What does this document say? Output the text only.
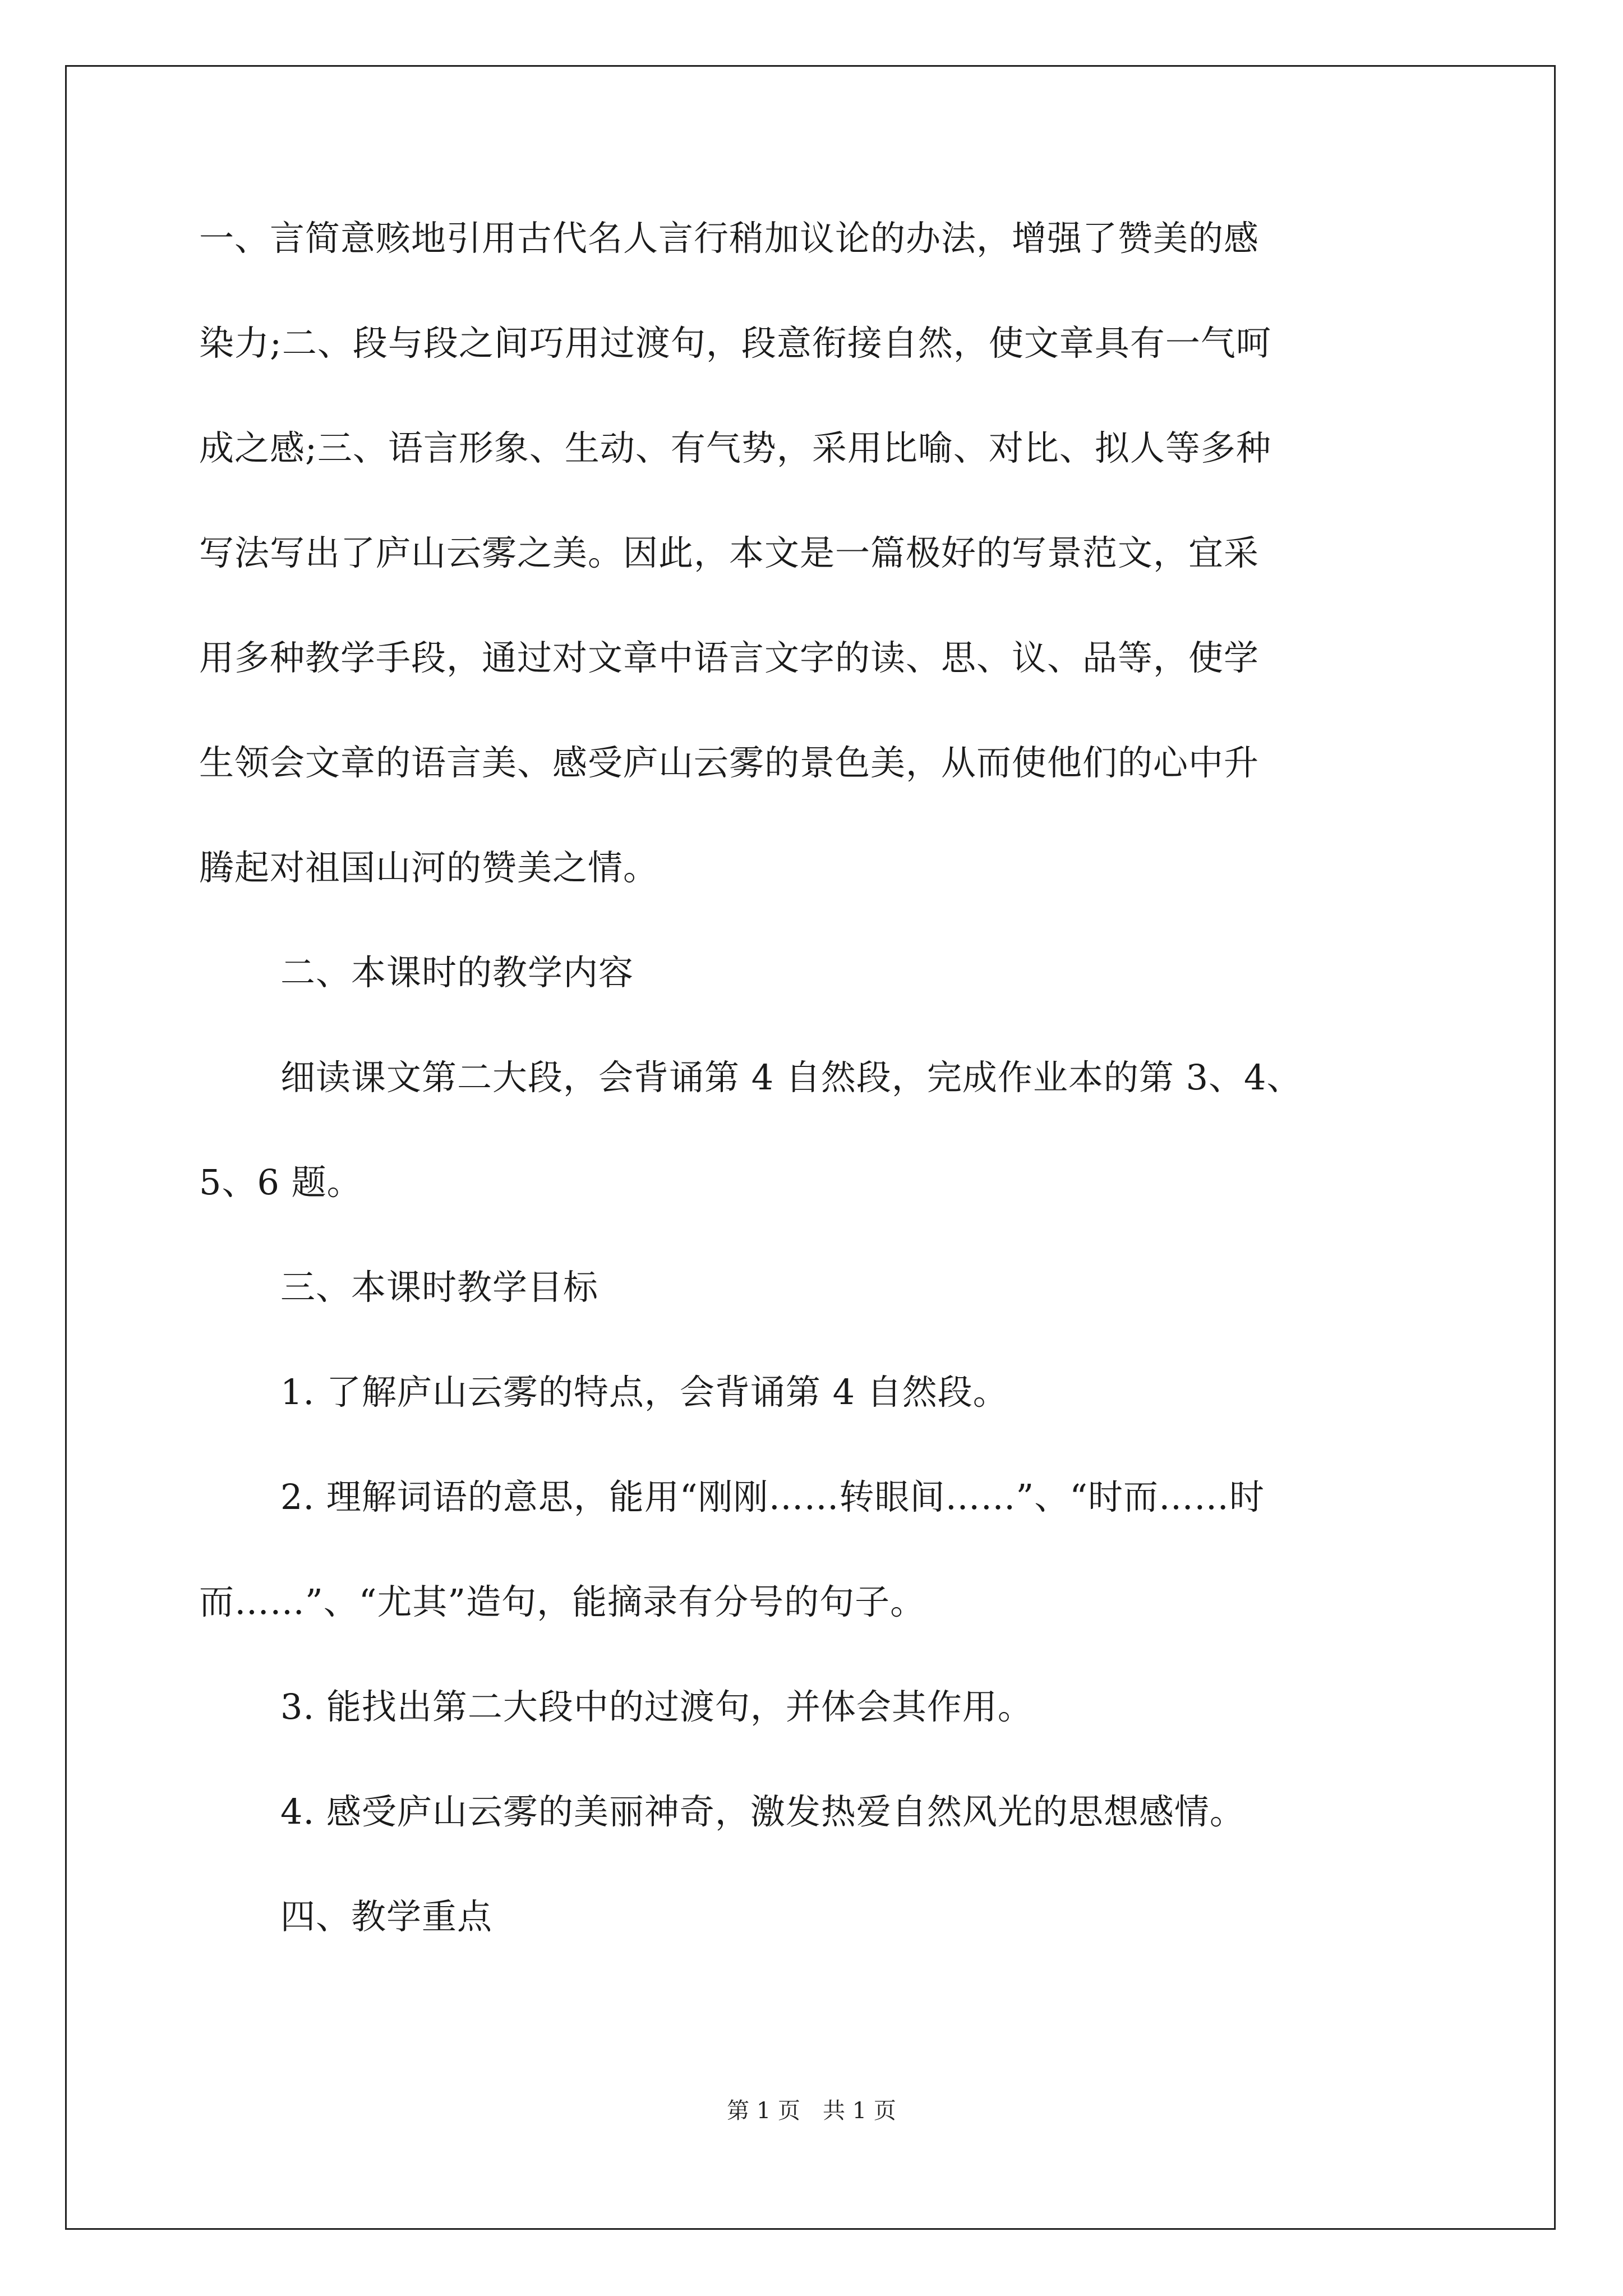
一、言简意赅地引用古代名人言行稍加议论的办法，增强了赞美的感
染力;二、段与段之间巧用过渡句，段意衔接自然，使文章具有一气呵
成之感;三、语言形象、生动、有气势，采用比喻、对比、拟人等多种
写法写出了庐山云雾之美。因此，本文是一篇极好的写景范文，宜采
用多种教学手段，通过对文章中语言文字的读、思、议、品等，使学
生领会文章的语言美、感受庐山云雾的景色美，从而使他们的心中升
腾起对祖国山河的赞美之情。
二、本课时的教学内容
细读课文第二大段，会背诵第 4 自然段，完成作业本的第 3、4、
5、6 题。
三、本课时教学目标
1. 了解庐山云雾的特点，会背诵第 4 自然段。
2. 理解词语的意思，能用“刚刚……转眼间……”、“时而……时
而……”、“尤其”造句，能摘录有分号的句子。
3. 能找出第二大段中的过渡句，并体会其作用。
4. 感受庐山云雾的美丽神奇，激发热爱自然风光的思想感情。
四、教学重点
第 1 页　共 1 页
